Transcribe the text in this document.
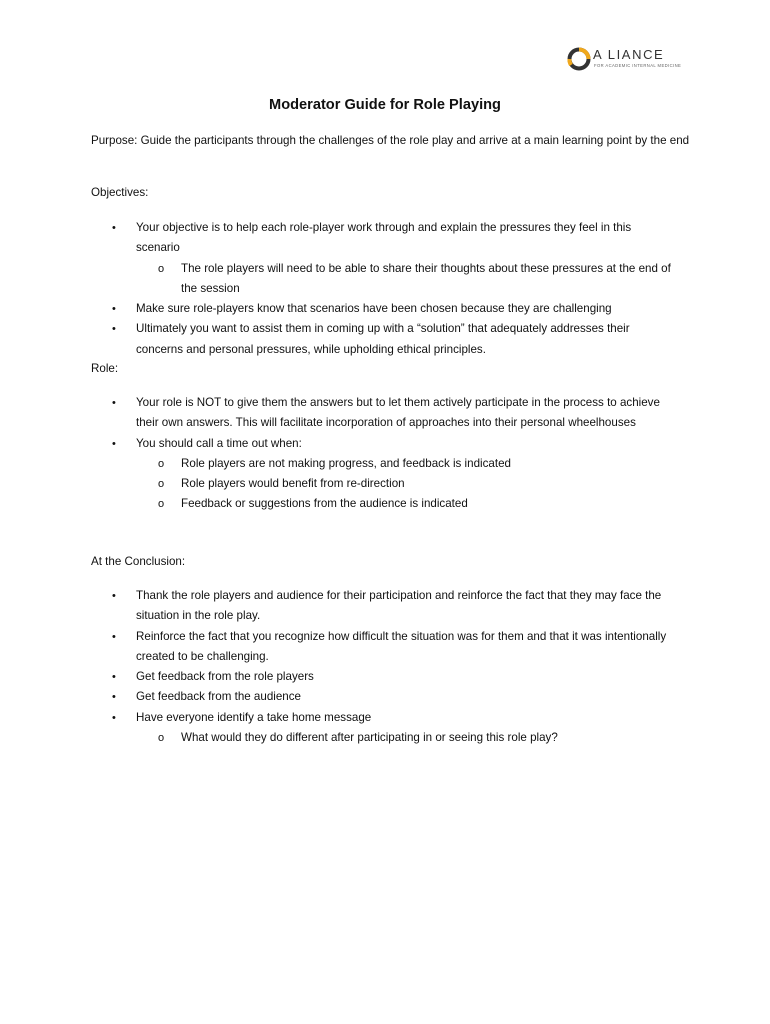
A LIANCE
FOR ACADEMIC INTERNAL MEDICINE
Moderator Guide for Role Playing

Purpose: Guide the participants through the challenges of the role play and arrive at a main learning point by the end

Objectives:

• Your objective is to help each role-player work through and explain the pressures they feel in this scenario
o The role players will need to be able to share their thoughts about these pressures at the end of the session
• Make sure role-players know that scenarios have been chosen because they are challenging
• Ultimately you want to assist them in coming up with a “solution” that adequately addresses their concerns and personal pressures, while upholding ethical principles.

Role:

• Your role is NOT to give them the answers but to let them actively participate in the process to achieve their own answers. This will facilitate incorporation of approaches into their personal wheelhouses
• You should call a time out when:
o Role players are not making progress, and feedback is indicated
o Role players would benefit from re-direction
o Feedback or suggestions from the audience is indicated

At the Conclusion:

• Thank the role players and audience for their participation and reinforce the fact that they may face the situation in the role play.
• Reinforce the fact that you recognize how difficult the situation was for them and that it was intentionally created to be challenging.
• Get feedback from the role players
• Get feedback from the audience
• Have everyone identify a take home message
o What would they do different after participating in or seeing this role play?
